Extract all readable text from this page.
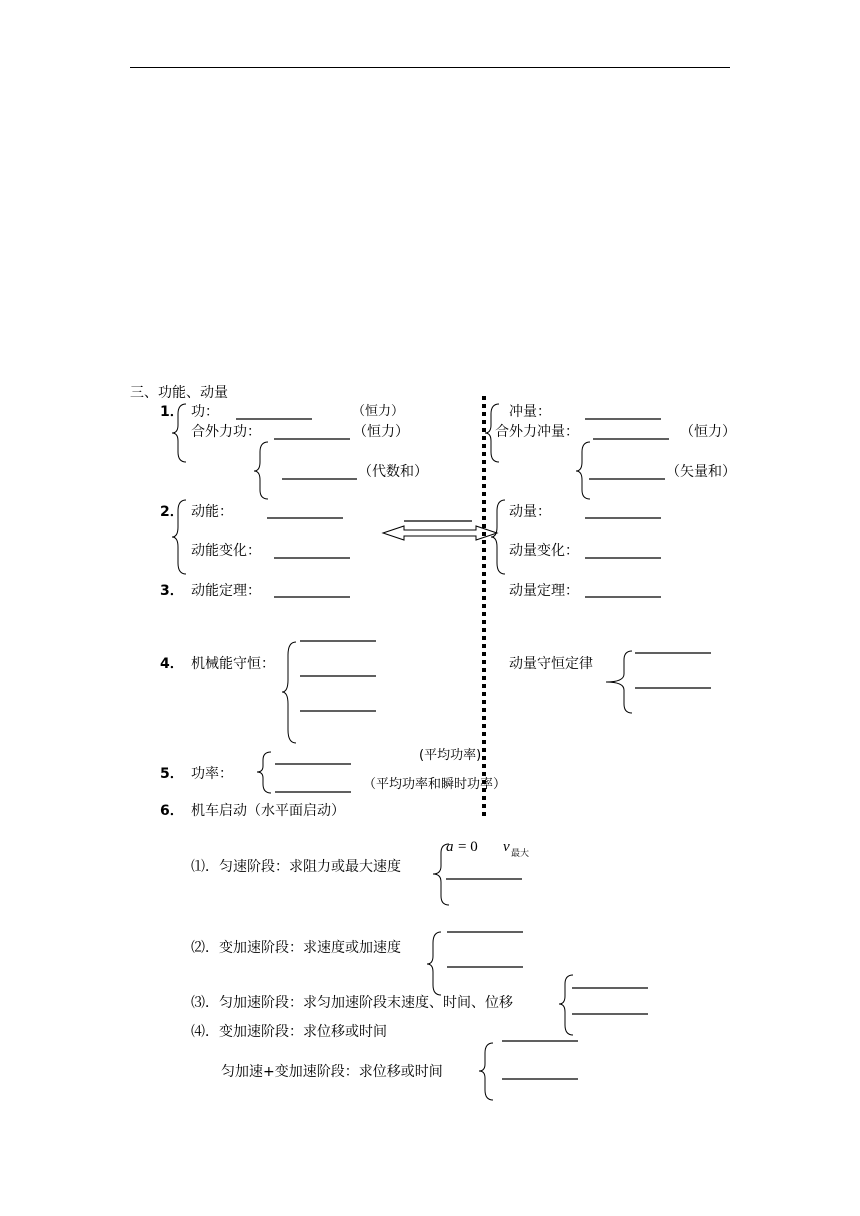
三、功能、动量
1． 功：	（恒力）
合外力功：	（恒力）
（代数和）
2． 动能：
动能变化：
3． 动能定理：
4． 机械能守恒：
(平均功率)
5． 功率：
（平均功率和瞬时功率）
6． 机车启动（水平面启动）
冲量：
合外力冲量：	（恒力）
（矢量和）
动量：
动量变化：
动量定理：
动量守恒定律
⑴．匀速阶段：求阻力或最大速度
a = 0 v 最大
⑵．变加速阶段：求速度或加速度
⑶．匀加速阶段：求匀加速阶段末速度、时间、位移
⑷．变加速阶段：求位移或时间
匀加速+变加速阶段：求位移或时间
